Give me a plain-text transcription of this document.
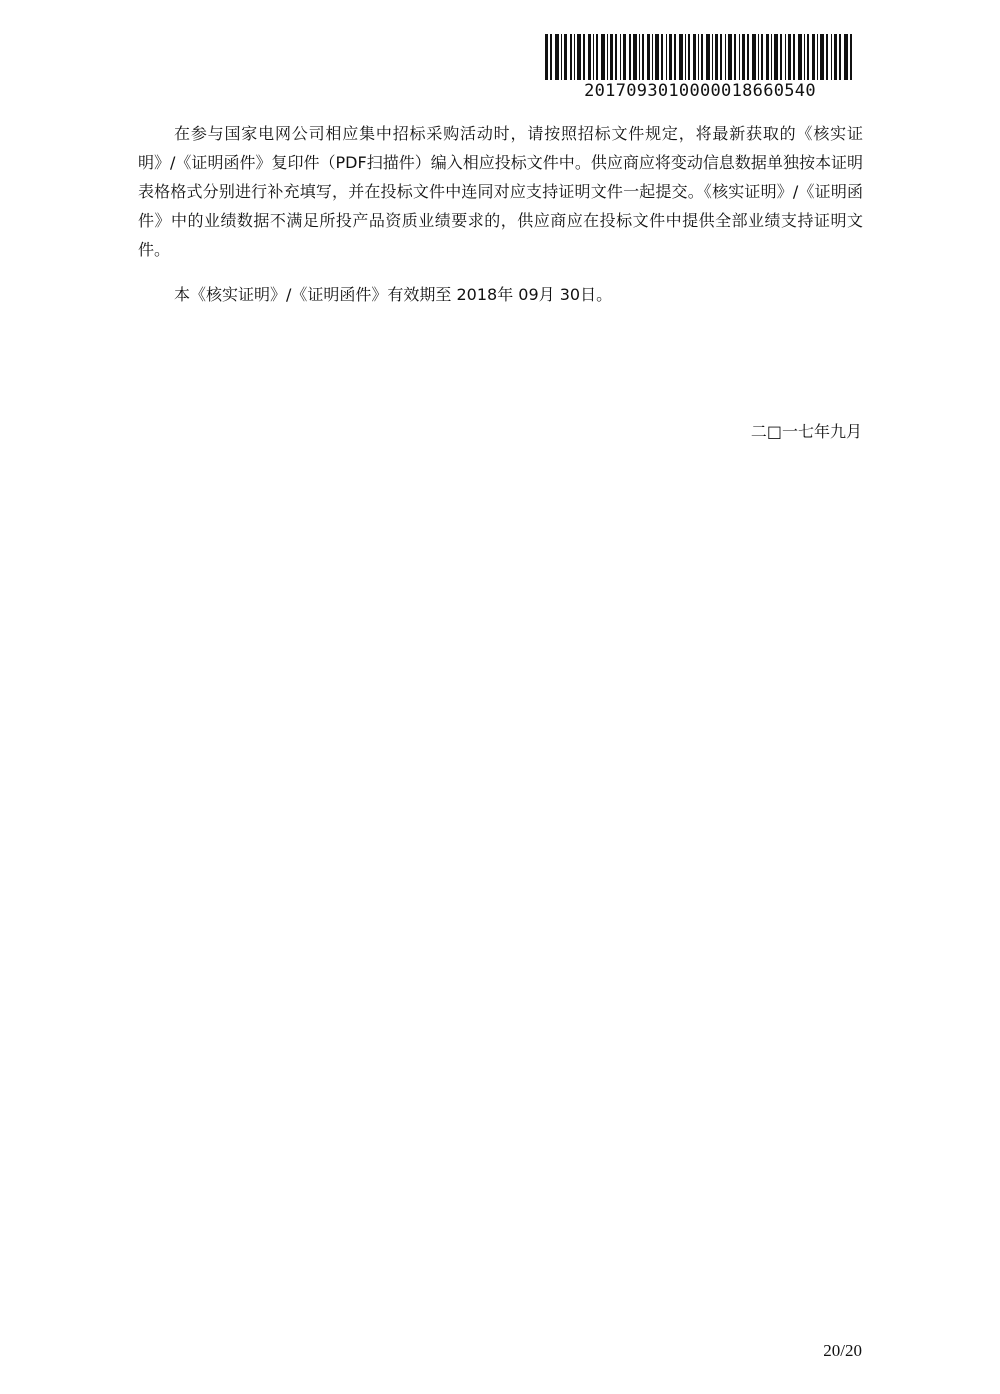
20170930100000186605​40

在参与国家电网公司相应集中招标采购活动时，请按照招标文件规定，将最新获取的《核实证明》/《证明函件》复印件（PDF扫描件）编入相应投标文件中。供应商应将变动信息数据单独按本证明表格格式分别进行补充填写，并在投标文件中连同对应支持证明文件一起提交。《核实证明》/《证明函件》中的业绩数据不满足所投产品资质业绩要求的，供应商应在投标文件中提供全部业绩支持证明文件。

本《核实证明》/《证明函件》有效期至 2018年 09月 30日。

二□一七年九月
20/20
